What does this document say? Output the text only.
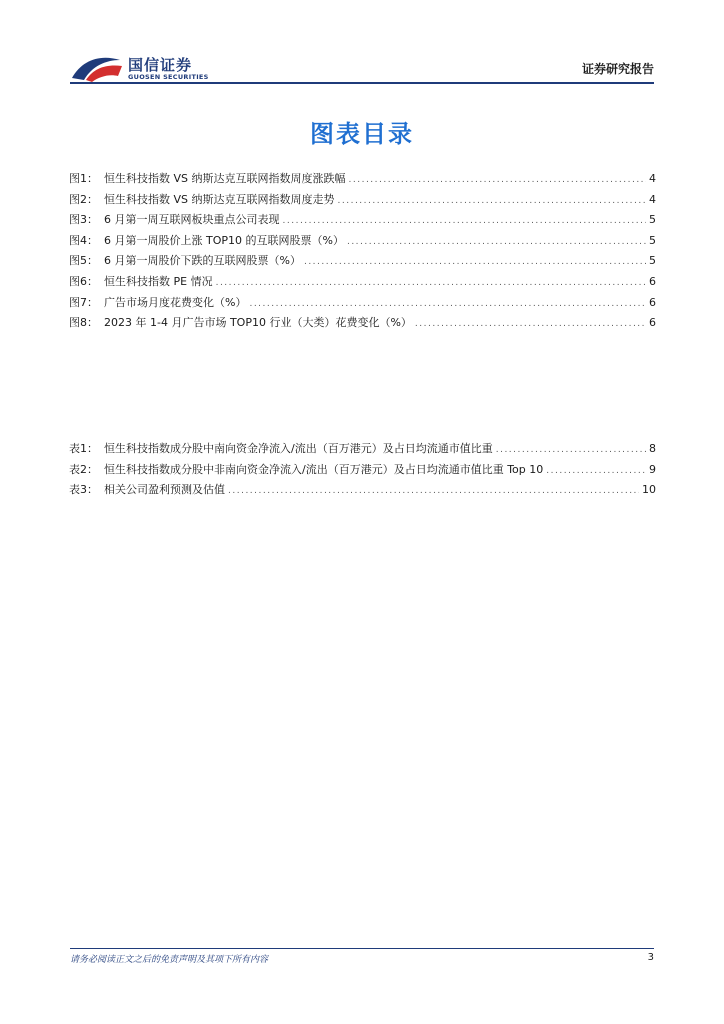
国信证券
GUOSEN SECURITIES
证券研究报告
图表目录
图1： 恒生科技指数 VS 纳斯达克互联网指数周度涨跌幅 .....	4
图2： 恒生科技指数 VS 纳斯达克互联网指数周度走势 .....	4
图3： 6 月第一周互联网板块重点公司表现 .....	5
图4： 6 月第一周股价上涨 TOP10 的互联网股票（%） .....	5
图5： 6 月第一周股价下跌的互联网股票（%） .....	5
图6： 恒生科技指数 PE 情况 .....	6
图7： 广告市场月度花费变化（%） .....	6
图8： 2023 年 1-4 月广告市场 TOP10 行业（大类）花费变化（%） .....	6
表1： 恒生科技指数成分股中南向资金净流入/流出（百万港元）及占日均流通市值比重 .....	8
表2： 恒生科技指数成分股中非南向资金净流入/流出（百万港元）及占日均流通市值比重 Top 10 .....	9
表3： 相关公司盈利预测及估值 .....	10
请务必阅读正文之后的免责声明及其项下所有内容	3
